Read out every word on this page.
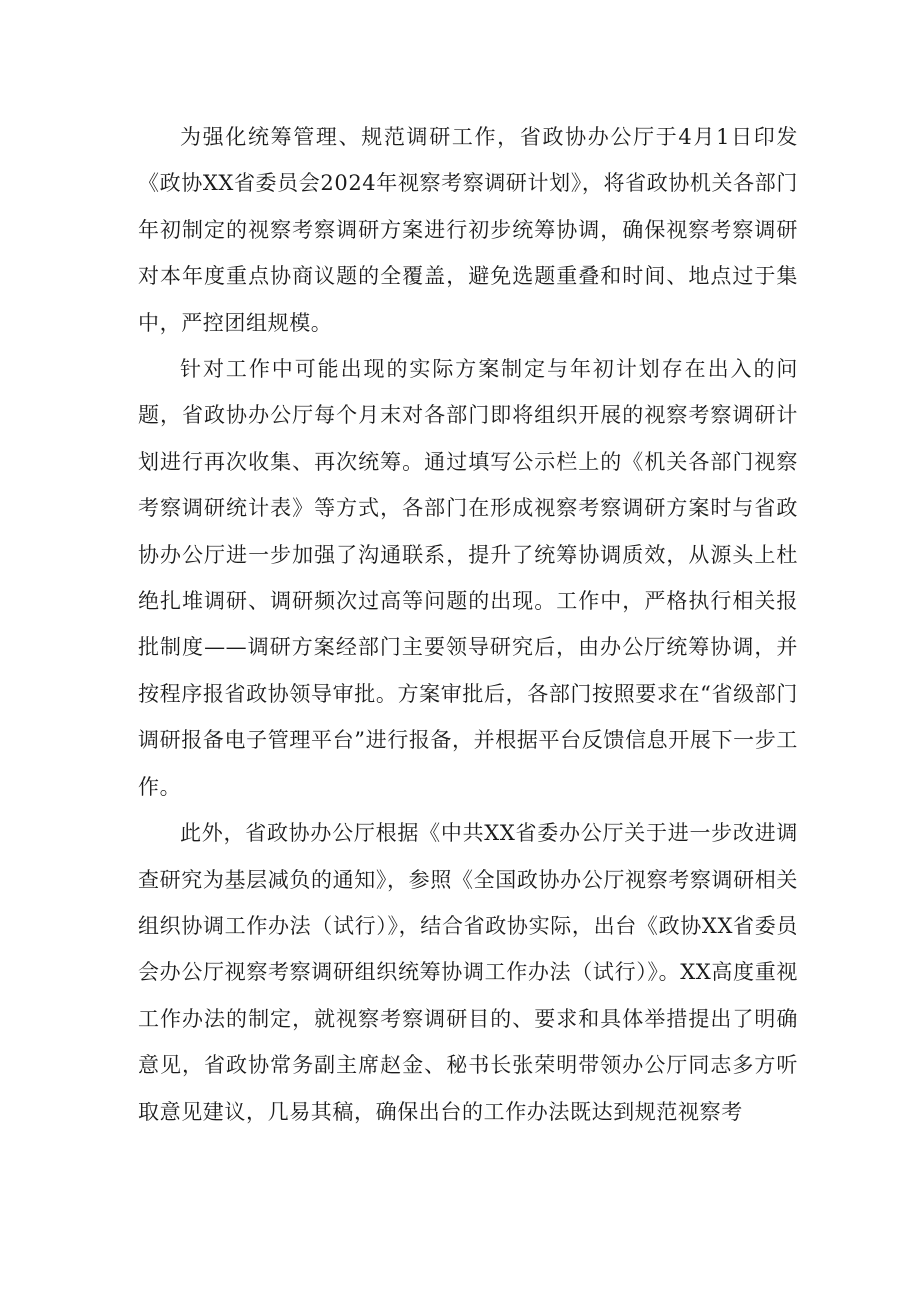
为强化统筹管理、规范调研工作，省政协办公厅于4月1日印发《政协XX省委员会2024年视察考察调研计划》，将省政协机关各部门年初制定的视察考察调研方案进行初步统筹协调，确保视察考察调研对本年度重点协商议题的全覆盖，避免选题重叠和时间、地点过于集中，严控团组规模。

针对工作中可能出现的实际方案制定与年初计划存在出入的问题，省政协办公厅每个月末对各部门即将组织开展的视察考察调研计划进行再次收集、再次统筹。通过填写公示栏上的《机关各部门视察考察调研统计表》等方式，各部门在形成视察考察调研方案时与省政协办公厅进一步加强了沟通联系，提升了统筹协调质效，从源头上杜绝扎堆调研、调研频次过高等问题的出现。工作中，严格执行相关报批制度——调研方案经部门主要领导研究后，由办公厅统筹协调，并按程序报省政协领导审批。方案审批后，各部门按照要求在“省级部门调研报备电子管理平台”进行报备，并根据平台反馈信息开展下一步工作。

此外，省政协办公厅根据《中共XX省委办公厅关于进一步改进调查研究为基层减负的通知》，参照《全国政协办公厅视察考察调研相关组织协调工作办法（试行）》，结合省政协实际，出台《政协XX省委员会办公厅视察考察调研组织统筹协调工作办法（试行）》。XX高度重视工作办法的制定，就视察考察调研目的、要求和具体举措提出了明确意见，省政协常务副主席赵金、秘书长张荣明带领办公厅同志多方听取意见建议，几易其稿，确保出台的工作办法既达到规范视察考
